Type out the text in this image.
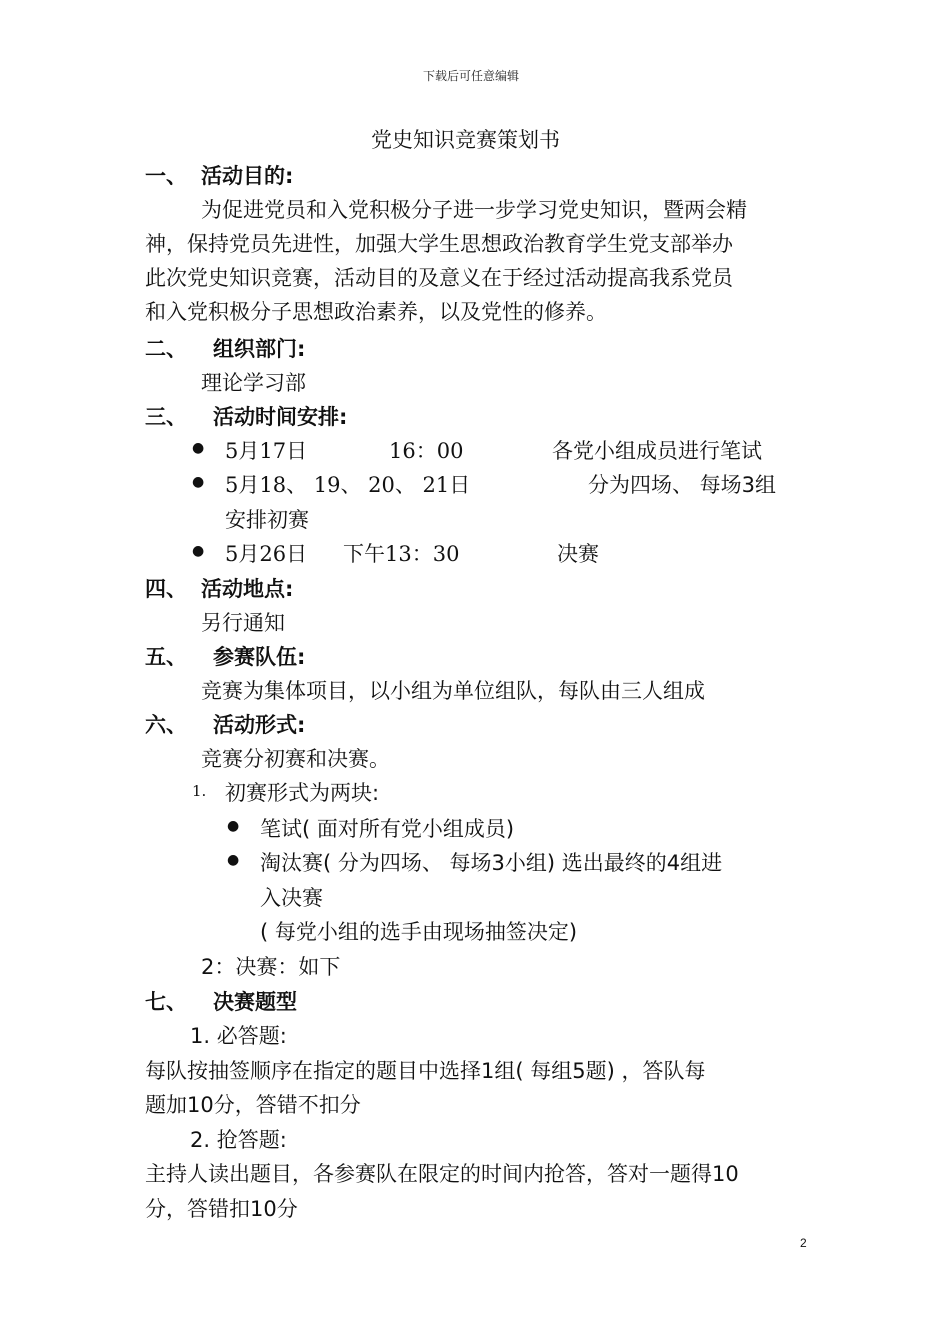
下载后可任意编辑
党史知识竞赛策划书
一、 活动目的:
为促进党员和入党积极分子进一步学习党史知识，暨两会精
神，保持党员先进性，加强大学生思想政治教育学生党支部举办
此次党史知识竞赛，活动目的及意义在于经过活动提高我系党员
和入党积极分子思想政治素养，以及党性的修养。
二、 组织部门:
理论学习部
三、 活动时间安排:
● 5月17日	16：00	各党小组成员进行笔试
● 5月18、 19、 20、 21日	分为四场、 每场3组
安排初赛
● 5月26日 下午13：30	决赛
四、 活动地点:
另行通知
五、 参赛队伍:
竞赛为集体项目，以小组为单位组队，每队由三人组成
六、 活动形式:
竞赛分初赛和决赛。
1. 初赛形式为两块:
● 笔试( 面对所有党小组成员)
● 淘汰赛( 分为四场、 每场3小组) 选出最终的4组进
入决赛
( 每党小组的选手由现场抽签决定)
2：决赛：如下
七、 决赛题型
1. 必答题:
每队按抽签顺序在指定的题目中选择1组( 每组5题) ，答队每
题加10分，答错不扣分
2. 抢答题:
主持人读出题目，各参赛队在限定的时间内抢答，答对一题得10
分，答错扣10分
2
